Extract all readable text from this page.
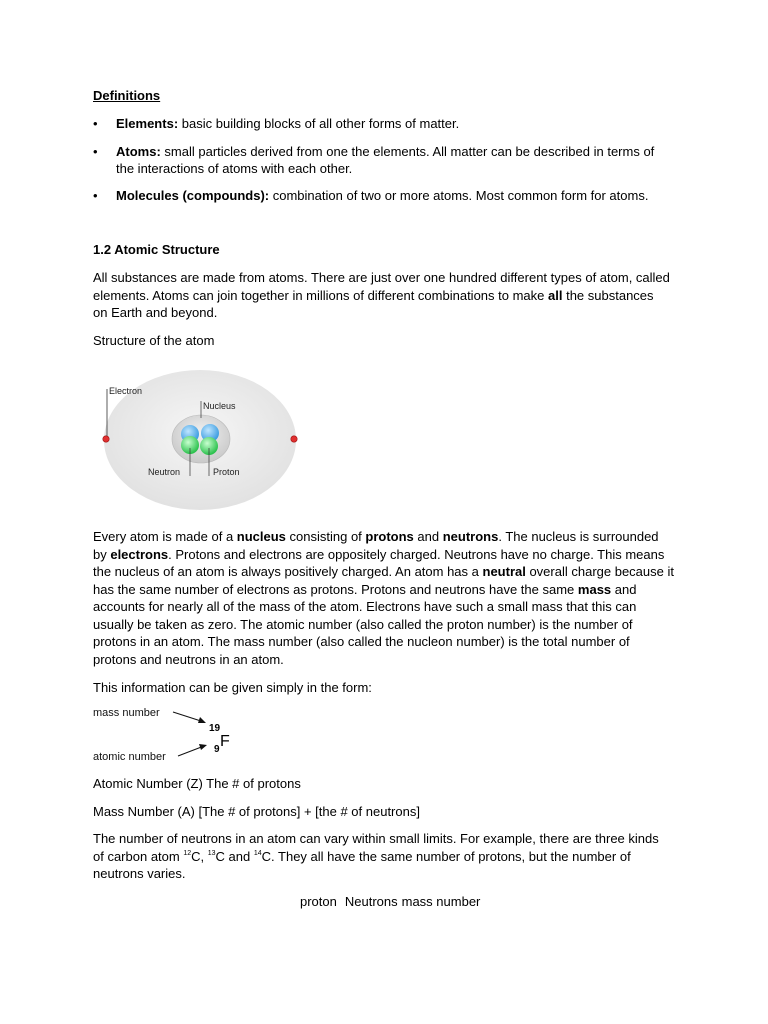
Definitions
• Elements: basic building blocks of all other forms of matter.
• Atoms: small particles derived from one the elements. All matter can be described in terms of
the interactions of atoms with each other.
• Molecules (compounds): combination of two or more atoms. Most common form for atoms.
1.2 Atomic Structure
All substances are made from atoms. There are just over one hundred different types of atom, called
elements. Atoms can join together in millions of different combinations to make all the substances
on Earth and beyond.
Structure of the atom
Every atom is made of a nucleus consisting of protons and neutrons. The nucleus is surrounded
by electrons. Protons and electrons are oppositely charged. Neutrons have no charge. This means
the nucleus of an atom is always positively charged. An atom has a neutral overall charge because it
has the same number of electrons as protons. Protons and neutrons have the same mass and
accounts for nearly all of the mass of the atom. Electrons have such a small mass that this can
usually be taken as zero. The atomic number (also called the proton number) is the number of
protons in an atom. The mass number (also called the nucleon number) is the total number of
protons and neutrons in an atom.
This information can be given simply in the form:
Atomic Number (Z) The # of protons
Mass Number (A) [The # of protons] + [the # of neutrons]
The number of neutrons in an atom can vary within small limits. For example, there are three kinds
of carbon atom $^{12}$C, $^{13}$C and $^{14}$C. They all have the same number of protons, but the number of
neutrons varies.
proton Neutrons mass number
Electron
Nucleus
Neutron	Proton
mass number
atomic number
19
F
9
